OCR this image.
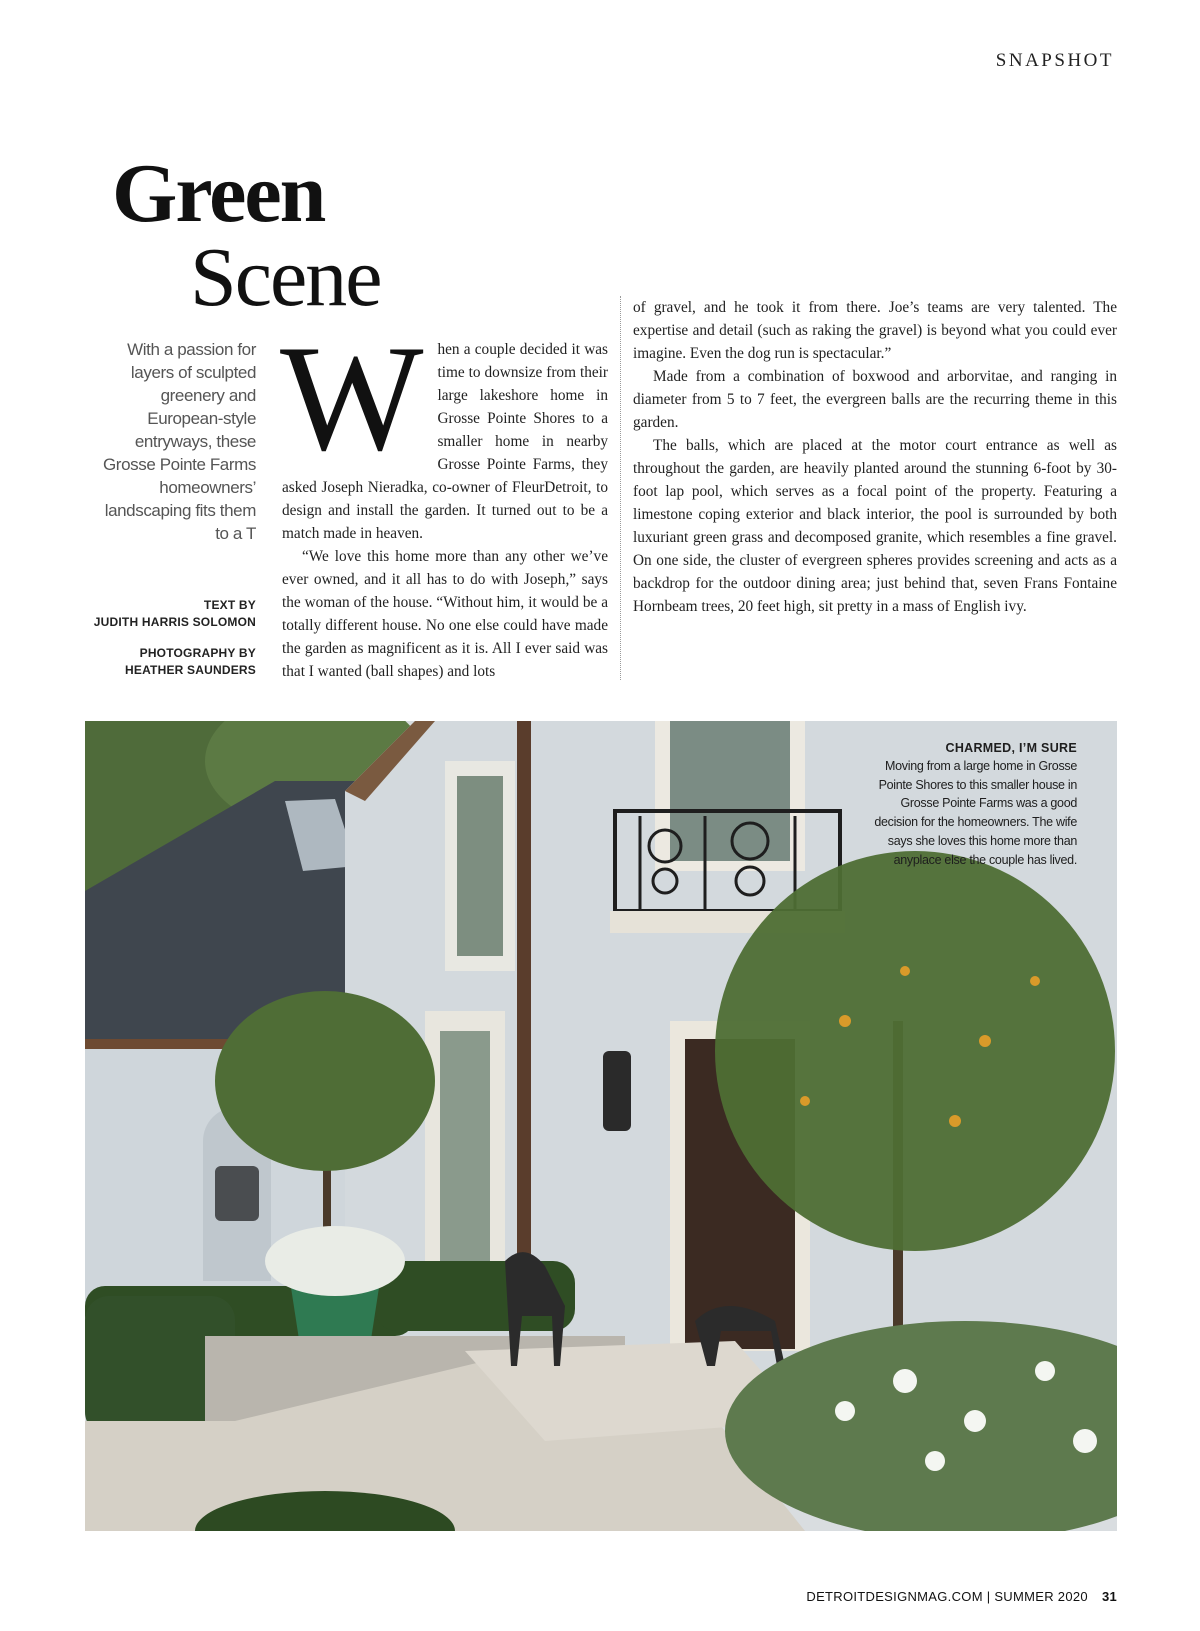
SNAPSHOT
Green
Scene
With a passion for layers of sculpted greenery and European-style entryways, these Grosse Pointe Farms homeowners’ landscaping fits them to a T
TEXT BY
JUDITH HARRIS SOLOMON
PHOTOGRAPHY BY
HEATHER SAUNDERS

When a couple decided it was time to downsize from their large lakeshore home in Grosse Pointe Shores to a smaller home in nearby Grosse Pointe Farms, they asked Joseph Nieradka, co-owner of FleurDetroit, to design and install the garden. It turned out to be a match made in heaven.

“We love this home more than any other we’ve ever owned, and it all has to do with Joseph,” says the woman of the house. “Without him, it would be a totally different house. No one else could have made the garden as magnificent as it is. All I ever said was that I wanted (ball shapes) and lots

of gravel, and he took it from there. Joe’s teams are very talented. The expertise and detail (such as raking the gravel) is beyond what you could ever imagine. Even the dog run is spectacular.”

Made from a combination of boxwood and arborvitae, and ranging in diameter from 5 to 7 feet, the evergreen balls are the recurring theme in this garden.

The balls, which are placed at the motor court entrance as well as throughout the garden, are heavily planted around the stunning 6-foot by 30-foot lap pool, which serves as a focal point of the property. Featuring a limestone coping exterior and black interior, the pool is surrounded by both luxuriant green grass and decomposed granite, which resembles a fine gravel. On one side, the cluster of evergreen spheres provides screening and acts as a backdrop for the outdoor dining area; just behind that, seven Frans Fontaine Hornbeam trees, 20 feet high, sit pretty in a mass of English ivy.

CHARMED, I’M SURE
Moving from a large home in Grosse Pointe Shores to this smaller house in Grosse Pointe Farms was a good decision for the homeowners. The wife says she loves this home more than anyplace else the couple has lived.
DETROITDESIGNMAG.COM | SUMMER 2020 31
